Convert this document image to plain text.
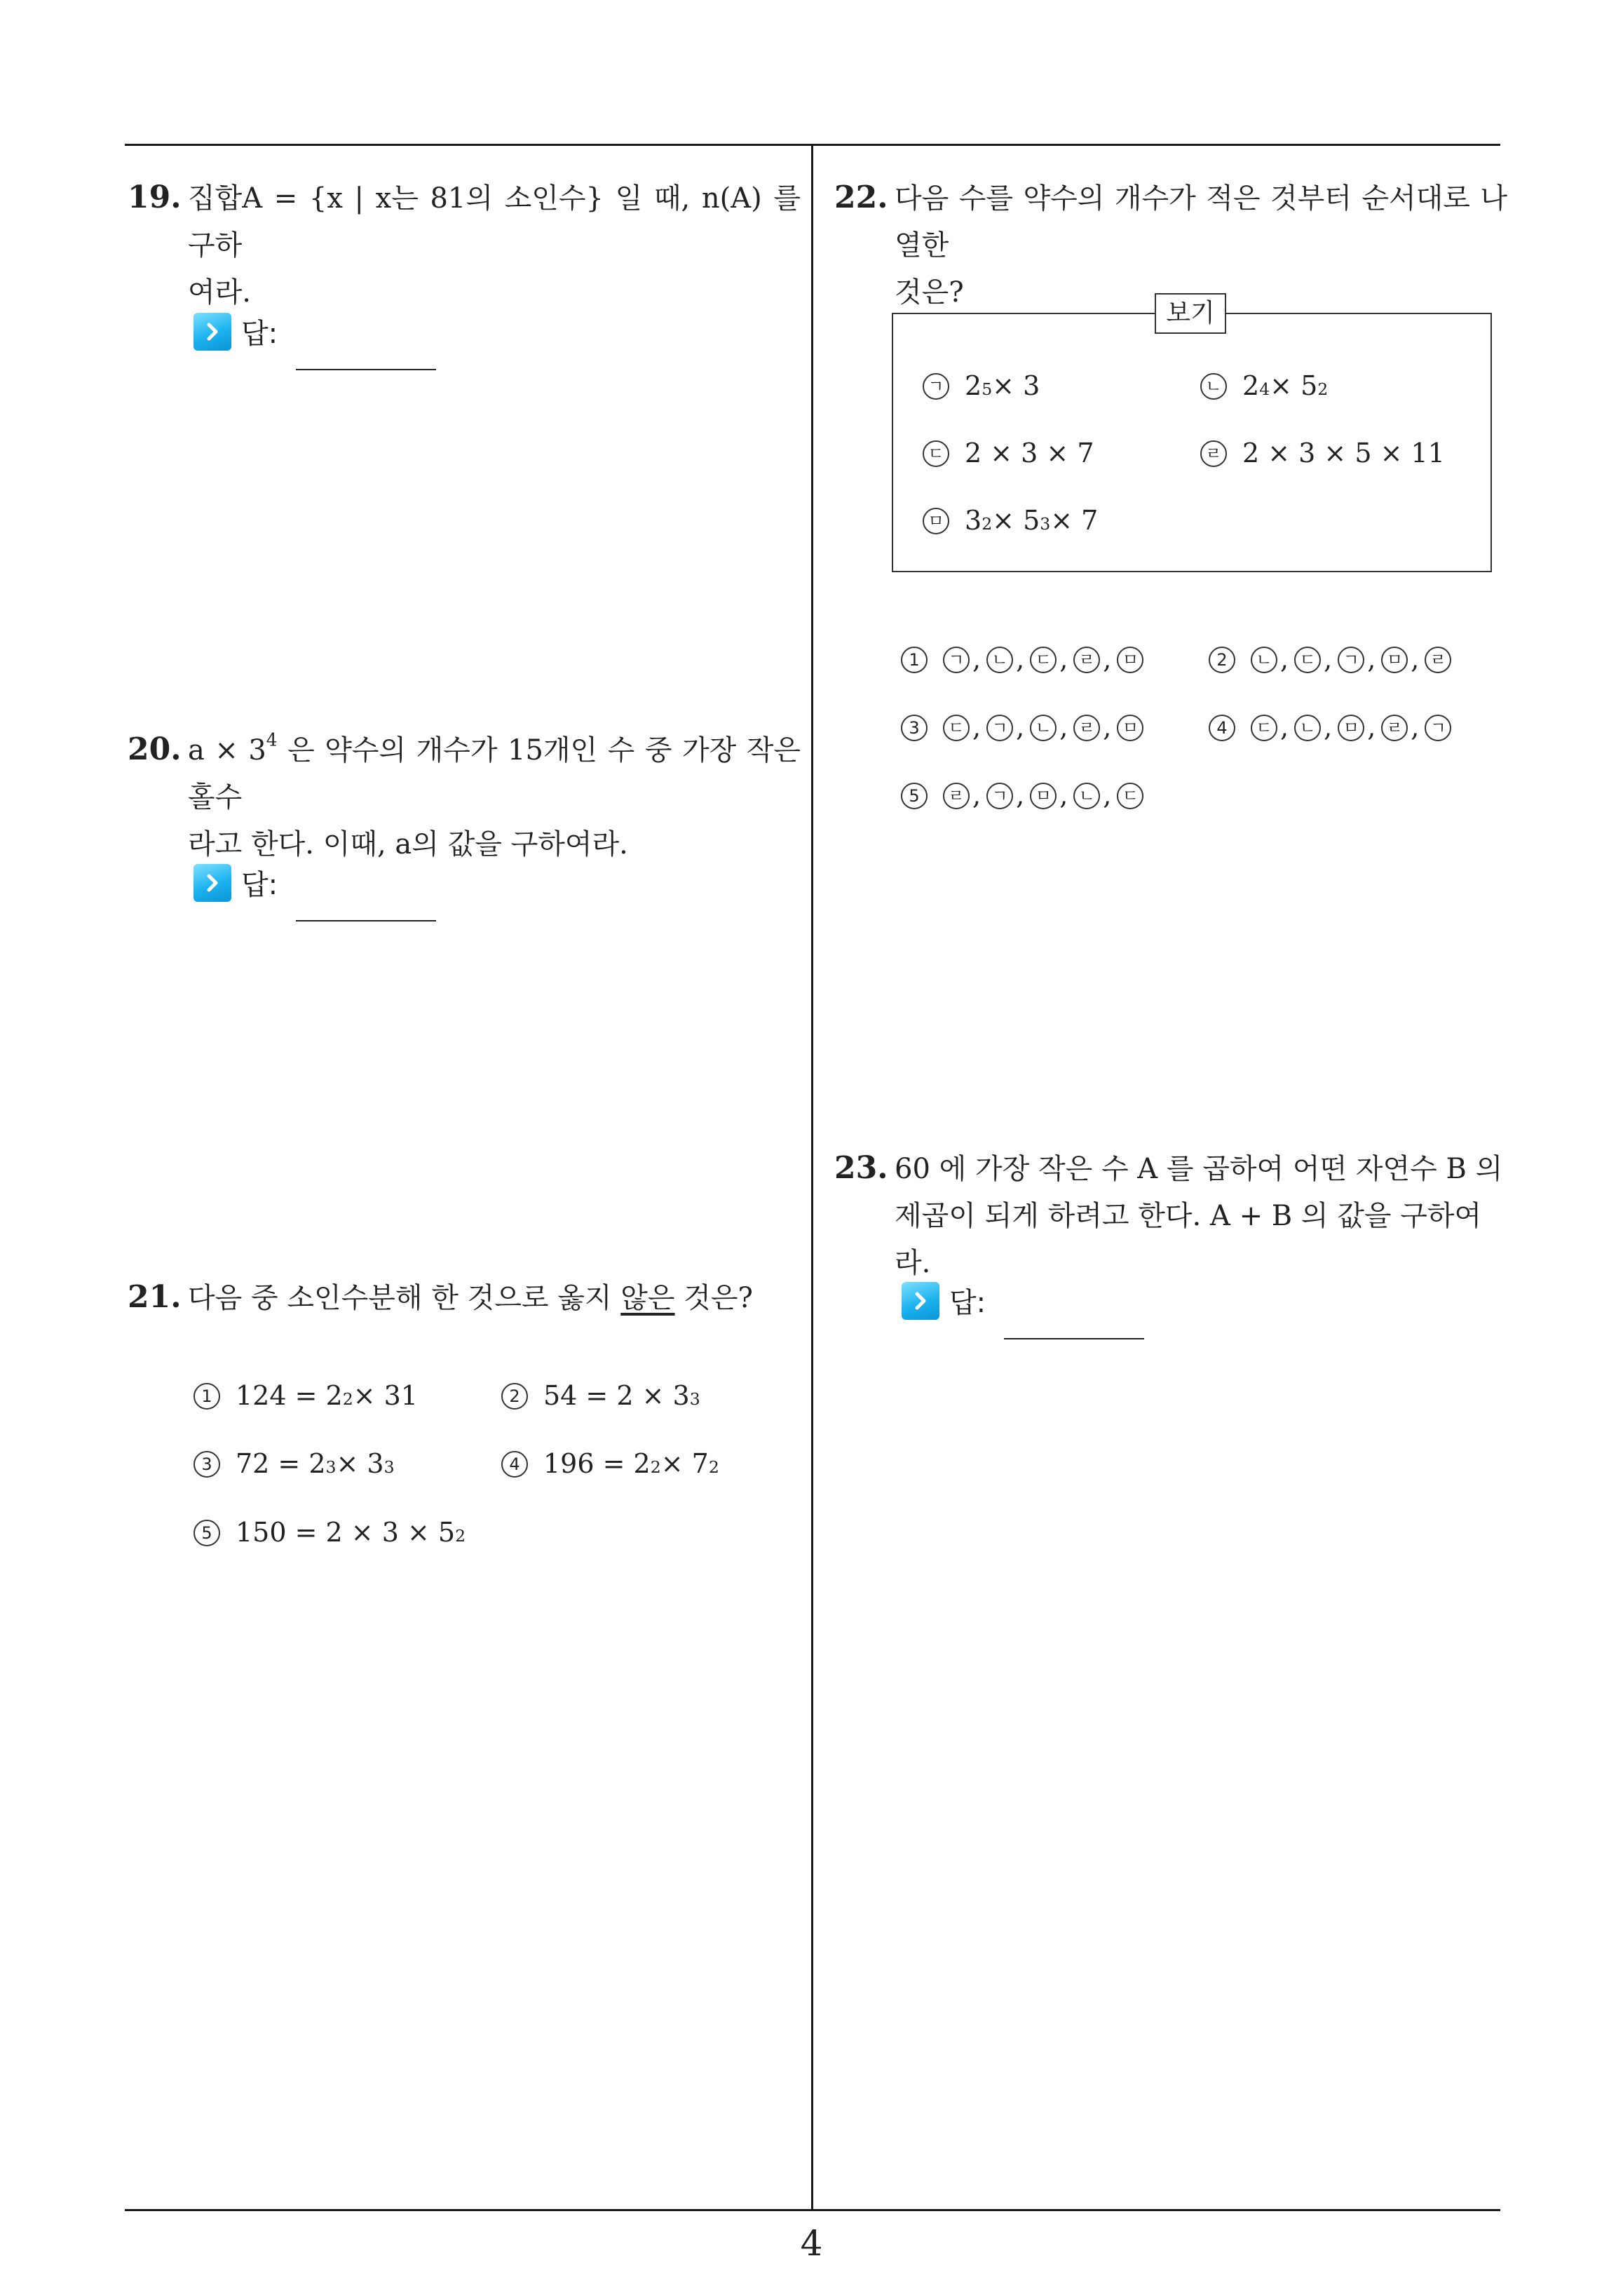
4
19. 집합A = {x | x는 81의 소인수} 일 때, n(A) 를 구하
여라.
답:
20. $a \times 3^4$ 은 약수의 개수가 15개인 수 중 가장 작은 홀수
라고 한다. 이때, a의 값을 구하여라.
답:
21. 다음 중 소인수분해 한 것으로 옳지 않은 것은?
1 124 = 2 2 × 31	2 54 = 2 × 3 3
3 72 = 2 3 × 3 3	4 196 = 2 2 × 7 2
5 150 = 2 × 3 × 5 2
22. 다음 수를 약수의 개수가 적은 것부터 순서대로 나열한
것은?
보기
ㄱ 2 5 × 3	ㄴ 2 4 × 5 2
ㄷ 2 × 3 × 7	ㄹ 2 × 3 × 5 × 11
ㅁ 3 2 × 5 3 × 7
1	ㄱ , ㄴ , ㄷ , ㄹ , ㅁ	2	ㄴ , ㄷ , ㄱ , ㅁ , ㄹ
3	ㄷ , ㄱ , ㄴ , ㄹ , ㅁ	4	ㄷ , ㄴ , ㅁ , ㄹ , ㄱ
5	ㄹ , ㄱ , ㅁ , ㄴ , ㄷ
23. 60 에 가장 작은 수 A 를 곱하여 어떤 자연수 B 의
제곱이 되게 하려고 한다. A + B 의 값을 구하여라.
답:
